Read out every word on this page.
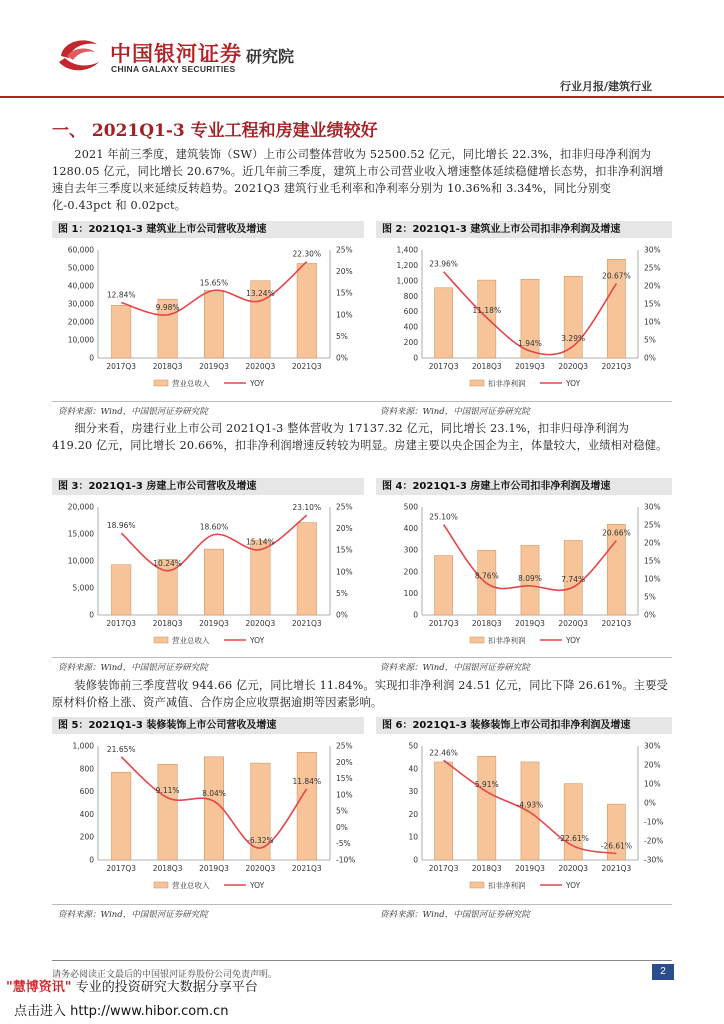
中国银河证券
CHINA GALAXY SECURITIES
研究院
行业月报/建筑行业
一、 2021Q1-3 专业工程和房建业绩较好
2021 年前三季度，建筑装饰（SW）上市公司整体营收为 52500.52 亿元，同比增长 22.3%，扣非归母净利润为 1280.05 亿元，同比增长 20.67%。近几年前三季度，建筑上市公司营业收入增速整体延续稳健增长态势，扣非净利润增速自去年三季度以来延续反转趋势。2021Q3 建筑行业毛利率和净利率分别为 10.36%和 3.34%，同比分别变化-0.43pct 和 0.02pct。
图 1：2021Q1-3 建筑业上市公司营收及增速	图 2：2021Q1-3 建筑业上市公司扣非净利润及增速
0
10,000
20,000
30,000
40,000
50,000
60,000
0%
5%
10%
15%
20%
25%
2017Q3 2018Q3 2019Q3 2020Q3 2021Q3
12.84%
9.98%
15.65%
13.24%
22.30%
营业总收入	YOY
0
200
400
600
800
1,000
1,200
1,400
0%
5%
10%
15%
20%
25%
30%
2017Q3 2018Q3 2019Q3 2020Q3 2021Q3
23.96%
11.18%
1.94%
3.29%
20.67%
扣非净利润	YOY
资料来源：Wind，中国银河证券研究院	资料来源：Wind，中国银河证券研究院
细分来看，房建行业上市公司 2021Q1-3 整体营收为 17137.32 亿元，同比增长 23.1%，扣非归母净利润为 419.20 亿元，同比增长 20.66%，扣非净利润增速反转较为明显。房建主要以央企国企为主，体量较大，业绩相对稳健。
图 3：2021Q1-3 房建上市公司营收及增速	图 4：2021Q1-3 房建上市公司扣非净利润及增速
0
5,000
10,000
15,000
20,000
0%
5%
10%
15%
20%
25%
2017Q3 2018Q3 2019Q3 2020Q3 2021Q3
18.96%
10.24%
18.60%
15.14%
23.10%
营业总收入	YOY
0
100
200
300
400
500
0%
5%
10%
15%
20%
25%
30%
2017Q3 2018Q3 2019Q3 2020Q3 2021Q3
25.10%
8.76%	8.09%	7.74%
20.66%
扣非净利润	YOY
资料来源：Wind，中国银河证券研究院	资料来源：Wind，中国银河证券研究院
装修装饰前三季度营收 944.66 亿元，同比增长 11.84%。实现扣非净利润 24.51 亿元，同比下降 26.61%。主要受原材料价格上涨、资产减值、合作房企应收票据逾期等因素影响。
图 5：2021Q1-3 装修装饰上市公司营收及增速	图 6：2021Q1-3 装修装饰上市公司扣非净利润及增速
0
200
400
600
800
1,000
-10%
-5%
0%
5%
10%
15%
20%
25%
2017Q3 2018Q3 2019Q3 2020Q3 2021Q3
21.65%
9.11%	8.04%
-6.32%
11.84%
营业总收入	YOY
0
10
20
30
40
50
-30%
-20%
-10%
0%
10%
20%
30%
2017Q3 2018Q3 2019Q3 2020Q3 2021Q3
22.46%
5.91%
-4.93%
-22.61%
-26.61%
扣非净利润	YOY
资料来源：Wind，中国银河证券研究院	资料来源：Wind，中国银河证券研究院
请务必阅读正文最后的中国银河证券股份公司免责声明。	2
"慧博资讯" 专业的投资研究大数据分享平台
点击进入 http://www.hibor.com.cn
